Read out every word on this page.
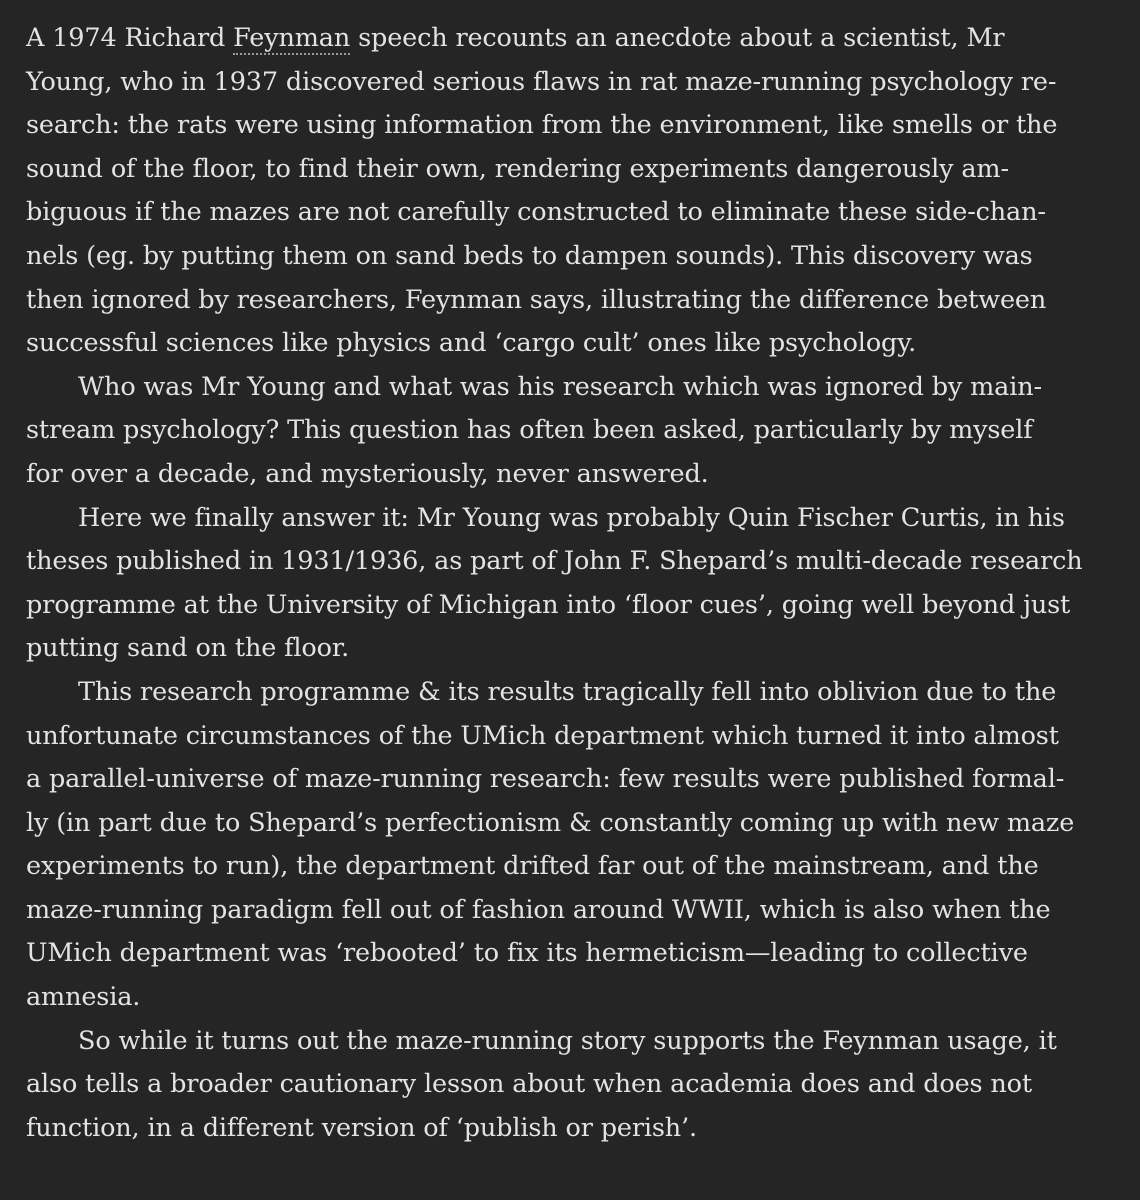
A 1974 Richard Feynman speech recounts an anecdote about a scientist, Mr
Young, who in 1937 discovered serious flaws in rat maze-running psychology re-
search: the rats were using information from the environment, like smells or the
sound of the floor, to find their own, rendering experiments dangerously am-
biguous if the mazes are not carefully constructed to eliminate these side-chan-
nels (eg. by putting them on sand beds to dampen sounds). This discovery was
then ignored by researchers, Feynman says, illustrating the difference between
successful sciences like physics and ‘cargo cult’ ones like psychology.
Who was Mr Young and what was his research which was ignored by main-
stream psychology? This question has often been asked, particularly by myself
for over a decade, and mysteriously, never answered.
Here we finally answer it: Mr Young was probably Quin Fischer Curtis, in his
theses published in 1931/1936, as part of John F. Shepard’s multi-decade research
programme at the University of Michigan into ‘floor cues’, going well beyond just
putting sand on the floor.
This research programme & its results tragically fell into oblivion due to the
unfortunate circumstances of the UMich department which turned it into almost
a parallel-universe of maze-running research: few results were published formal-
ly (in part due to Shepard’s perfectionism & constantly coming up with new maze
experiments to run), the department drifted far out of the mainstream, and the
maze-running paradigm fell out of fashion around WWII, which is also when the
UMich department was ‘rebooted’ to fix its hermeticism—leading to collective
amnesia.
So while it turns out the maze-running story supports the Feynman usage, it
also tells a broader cautionary lesson about when academia does and does not
function, in a different version of ‘publish or perish’.
